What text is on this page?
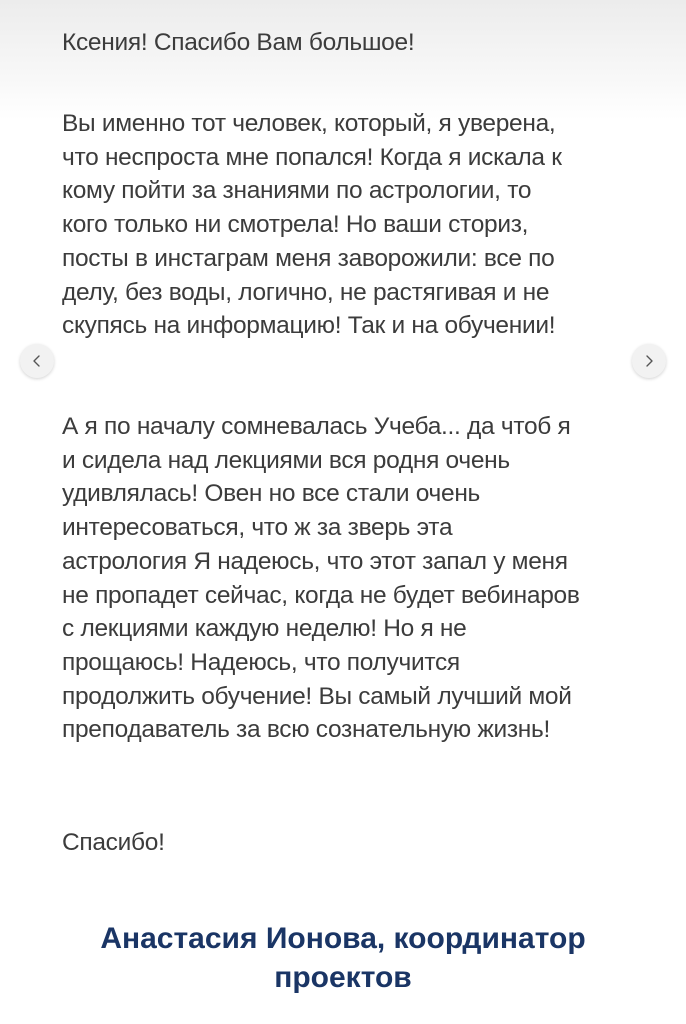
Ксения! Спасибо Вам большое!

Вы именно тот человек, который, я уверена,
что неспроста мне попался! Когда я искала к
кому пойти за знаниями по астрологии, то
кого только ни смотрела! Но ваши сториз,
посты в инстаграм меня заворожили: все по
делу, без воды, логично, не растягивая и не
скупясь на информацию! Так и на обучении!

А я по началу сомневалась Учеба... да чтоб я
и сидела над лекциями вся родня очень
удивлялась! Овен но все стали очень
интересоваться, что ж за зверь эта
астрология Я надеюсь, что этот запал у меня
не пропадет сейчас, когда не будет вебинаров
с лекциями каждую неделю! Но я не
прощаюсь! Надеюсь, что получится
продолжить обучение! Вы самый лучший мой
преподаватель за всю сознательную жизнь!

Спасибо!

Анастасия Ионова, координатор проектов
